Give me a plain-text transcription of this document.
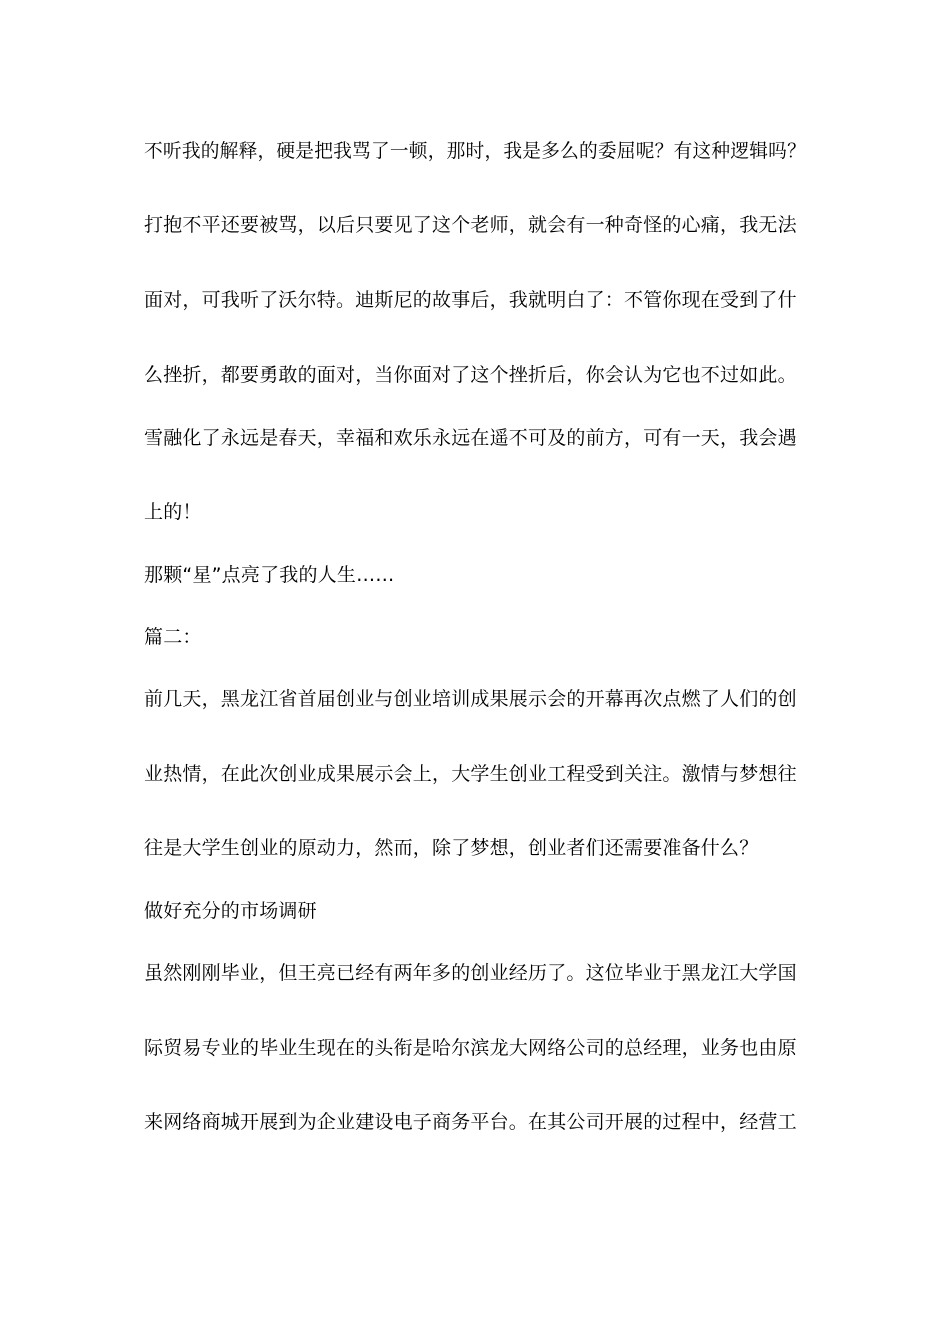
不听我的解释，硬是把我骂了一顿，那时，我是多么的委屈呢？有这种逻辑吗？
打抱不平还要被骂，以后只要见了这个老师，就会有一种奇怪的心痛，我无法
面对，可我听了沃尔特。迪斯尼的故事后，我就明白了：不管你现在受到了什
么挫折，都要勇敢的面对，当你面对了这个挫折后，你会认为它也不过如此。
雪融化了永远是春天，幸福和欢乐永远在遥不可及的前方，可有一天，我会遇
上的！
那颗“星”点亮了我的人生……
篇二：
前几天，黑龙江省首届创业与创业培训成果展示会的开幕再次点燃了人们的创
业热情，在此次创业成果展示会上，大学生创业工程受到关注。激情与梦想往
往是大学生创业的原动力，然而，除了梦想，创业者们还需要准备什么？
做好充分的市场调研
虽然刚刚毕业，但王亮已经有两年多的创业经历了。这位毕业于黑龙江大学国
际贸易专业的毕业生现在的头衔是哈尔滨龙大网络公司的总经理，业务也由原
来网络商城开展到为企业建设电子商务平台。在其公司开展的过程中，经营工
